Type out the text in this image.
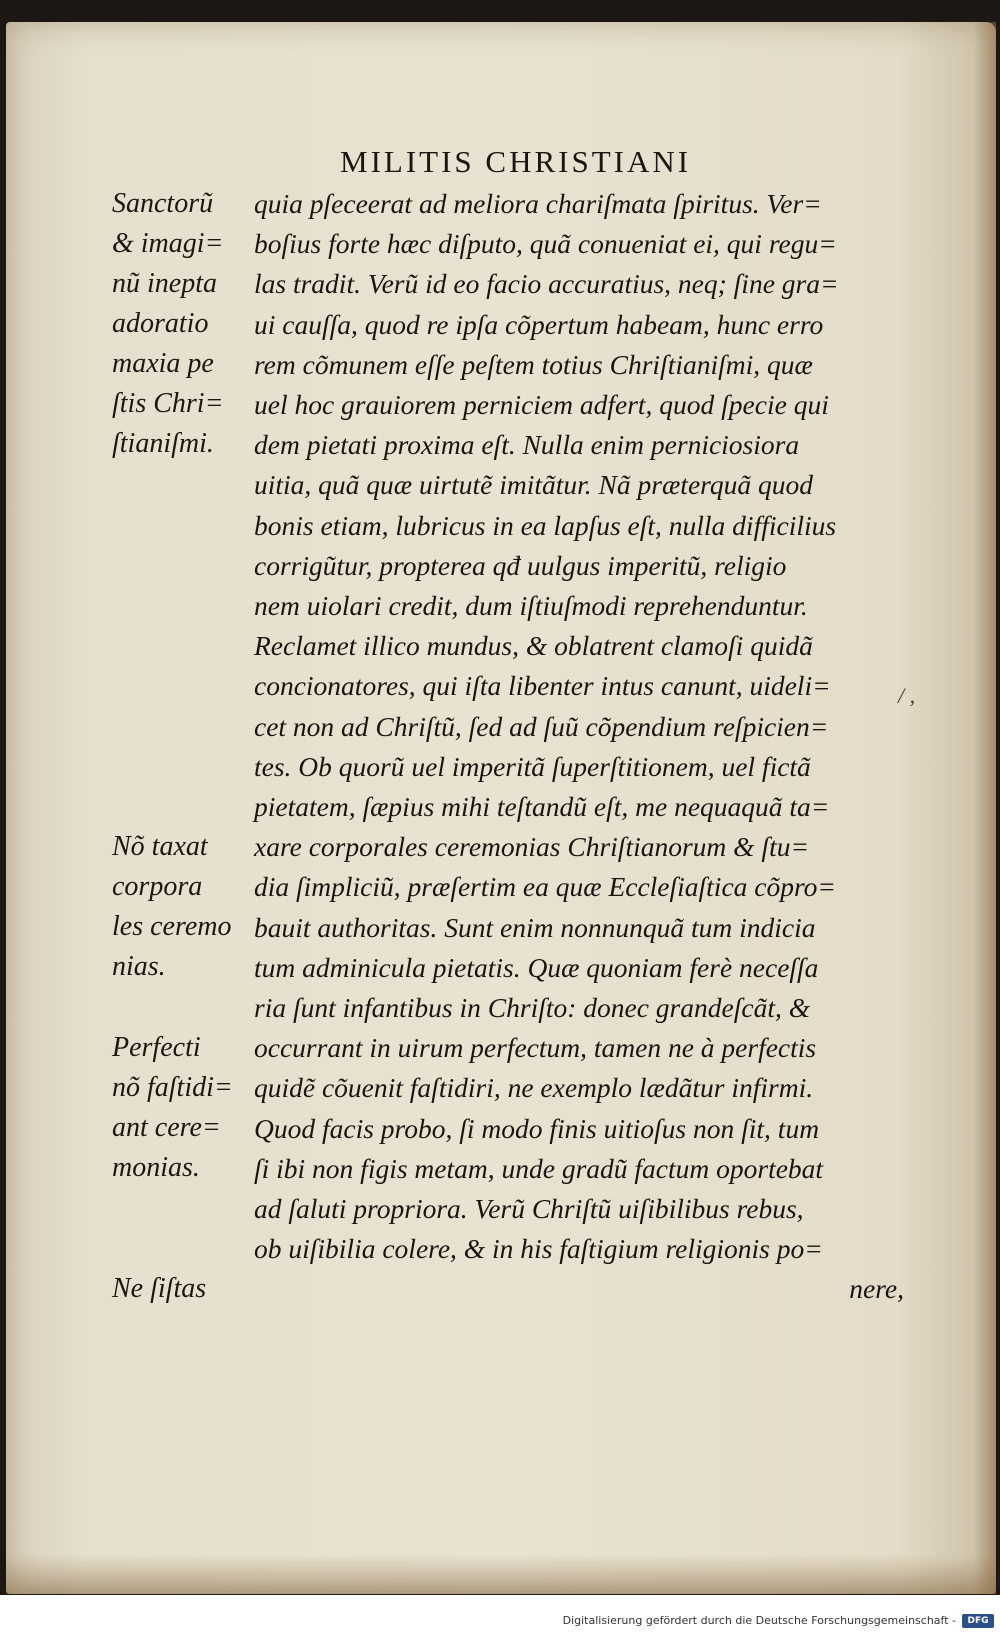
MILITIS CHRISTIANI
Sanctorũ
& imagi=
nũ inepta
adoratio
maxia pe
ſtis Chri=
ſtianiſmi.
Nõ taxat
corpora
les ceremo
nias.
Perfecti
nõ faſtidi=
ant cere=
monias.
Ne ſiſtas
quia pſeceerat ad meliora chariſmata ſpiritus. Ver=
boſius forte hæc diſputo, quã conueniat ei, qui regu=
las tradit. Verũ id eo facio accuratius, neq; ſine gra=
ui cauſſa, quod re ipſa cõpertum habeam, hunc erro
rem cõmunem eſſe peſtem totius Chriſtianiſmi, quæ
uel hoc grauiorem perniciem adfert, quod ſpecie qui
dem pietati proxima eſt. Nulla enim perniciosiora
uitia, quã quæ uirtutẽ imitãtur. Nã præterquã quod
bonis etiam, lubricus in ea lapſus eſt, nulla difficilius
corrigũtur, propterea qđ uulgus imperitũ, religio
nem uiolari credit, dum iſtiuſmodi reprehenduntur.
Reclamet illico mundus, & oblatrent clamoſi quidã
concionatores, qui iſta libenter intus canunt, uideli=
cet non ad Chriſtũ, ſed ad ſuũ cõpendium reſpicien=
tes. Ob quorũ uel imperitã ſuperſtitionem, uel fictã
pietatem, ſæpius mihi teſtandũ eſt, me nequaquã ta=
xare corporales ceremonias Chriſtianorum & ſtu=
dia ſimpliciũ, præſertim ea quæ Eccleſiaſtica cõpro=
bauit authoritas. Sunt enim nonnunquã tum indicia
tum adminicula pietatis. Quæ quoniam ferè neceſſa
ria ſunt infantibus in Chriſto: donec grandeſcãt, &
occurrant in uirum perfectum, tamen ne à perfectis
quidẽ cõuenit faſtidiri, ne exemplo lædãtur infirmi.
Quod facis probo, ſi modo finis uitioſus non ſit, tum
ſi ibi non figis metam, unde gradũ factum oportebat
ad ſaluti propriora. Verũ Chriſtũ uiſibilibus rebus,
ob uiſibilia colere, & in his faſtigium religionis po=
nere,
/ ,
Digitalisierung gefördert durch die Deutsche Forschungsgemeinschaft -	DFG
